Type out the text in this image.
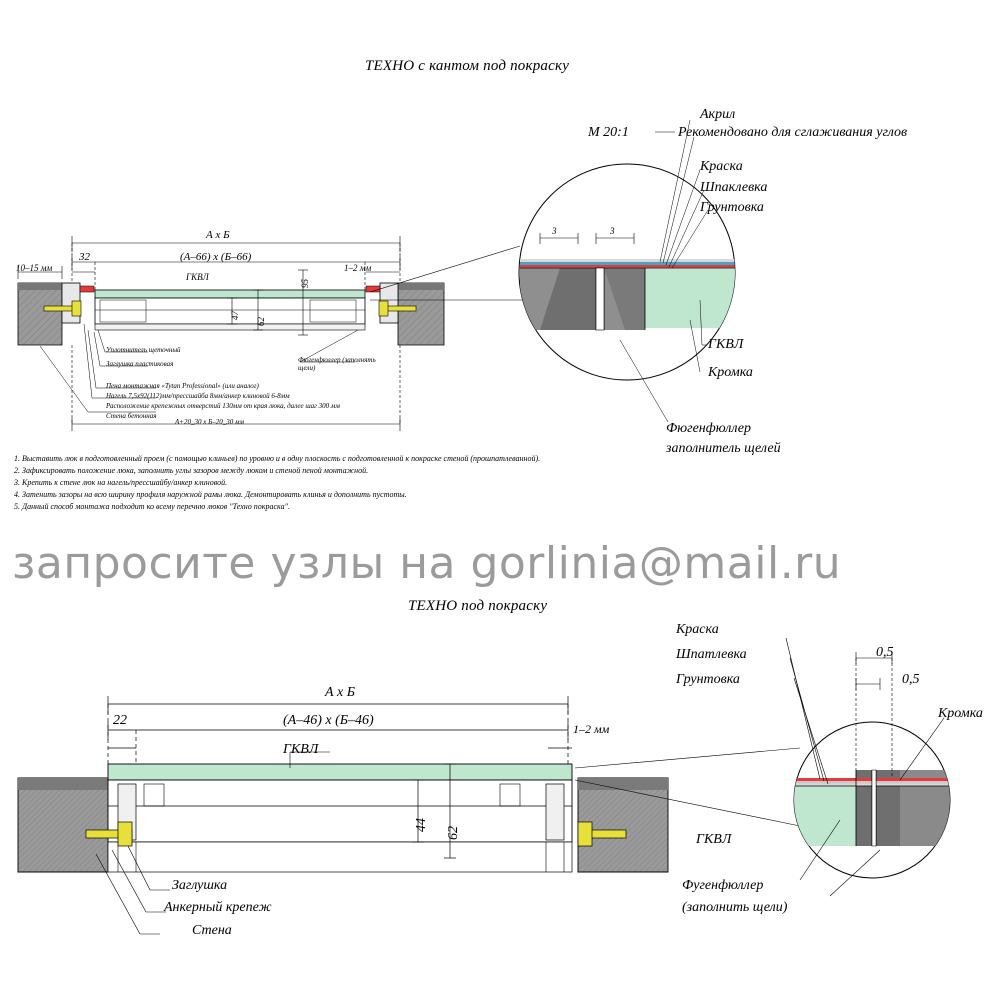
ТЕХНО с кантом под покраску
А х Б
(А–66) х (Б–66)
32
10–15 мм	1–2 мм
ГКВЛ
95
62
47
А+20_30 х Б–20_30 мм
Уплотнитель щеточный
Заглушка пластиковая
Пена монтажная «Tytan Professional» (или аналог)
Нагель 7,5х92(112)мм/прессшайба 8мм/анкер клиновой 6-8мм
Расположение крепежных отверстий 130мм от края люка, далее шаг 300 мм
Стена бетонная
Фюгенфюллер (заполнять щели)
М 20:1
3	3
Акрил
Рекомендовано для сглаживания углов
Краска
Шпаклевка
Грунтовка
ГКВЛ
Кромка
Фюгенфюллер
заполнитель щелей
1. Выставить люк в подготовленный проем (с помощью клиньев) по уровню и в одну плоскость с подготовленной к покраске стеной (прошпатлеванной).
2. Зафиксировать положение люка, заполнить углы зазоров между люком и стеной пеной монтажной.
3. Крепить к стене люк на нагель/прессшайбу/анкер клиновой.
4. Затенить зазоры на всю ширину профиля наружной рамы люка. Демонтировать клинья и дополнить пустоты.
5. Данный способ монтажа подходит ко всему перечню люков "Техно покраска".
запросите узлы на gorlinia@mail.ru
ТЕХНО под покраску
А х Б
(А–46) х (Б–46)
22
1–2 мм
ГКВЛ
44
62
Заглушка
Анкерный крепеж
Стена
Краска
Шпатлевка
Грунтовка
0,5
0,5
Кромка
ГКВЛ
Фугенфюллер
(заполнить щели)
